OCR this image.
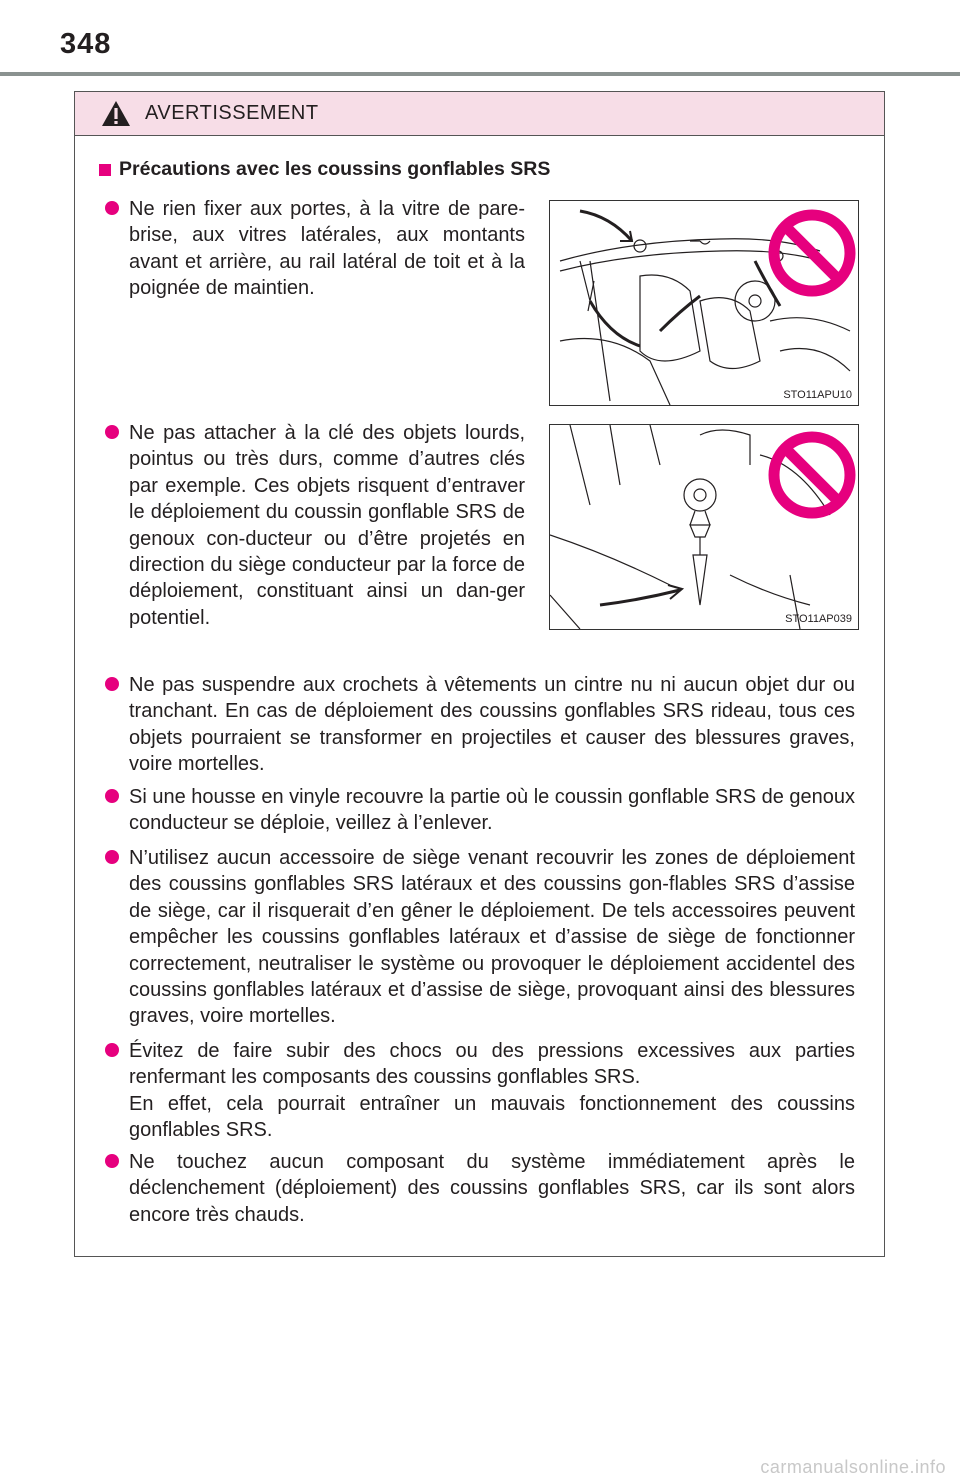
348
AVERTISSEMENT
Précautions avec les coussins gonflables SRS

Ne rien fixer aux portes, à la vitre de pare-brise, aux vitres latérales, aux montants avant et arrière, au rail latéral de toit et à la poignée de maintien.

STO11APU10

Ne pas attacher à la clé des objets lourds, pointus ou très durs, comme d’autres clés par exemple. Ces objets risquent d’entraver le déploiement du coussin gonflable SRS de genoux con-ducteur ou d’être projetés en direction du siège conducteur par la force de déploiement, constituant ainsi un dan-ger potentiel.	STO11AP039

Ne pas suspendre aux crochets à vêtements un cintre nu ni aucun objet dur ou tranchant. En cas de déploiement des coussins gonflables SRS rideau, tous ces objets pourraient se transformer en projectiles et causer des blessures graves, voire mortelles.

Si une housse en vinyle recouvre la partie où le coussin gonflable SRS de genoux conducteur se déploie, veillez à l’enlever.

N’utilisez aucun accessoire de siège venant recouvrir les zones de déploiement des coussins gonflables SRS latéraux et des coussins gon-flables SRS d’assise de siège, car il risquerait d’en gêner le déploiement. De tels accessoires peuvent empêcher les coussins gonflables latéraux et d’assise de siège de fonctionner correctement, neutraliser le système ou provoquer le déploiement accidentel des coussins gonflables latéraux et d’assise de siège, provoquant ainsi des blessures graves, voire mortelles.

Évitez de faire subir des chocs ou des pressions excessives aux parties renfermant les composants des coussins gonflables SRS.

En effet, cela pourrait entraîner un mauvais fonctionnement des coussins gonflables SRS.

Ne touchez aucun composant du système immédiatement après le déclenchement (déploiement) des coussins gonflables SRS, car ils sont alors encore très chauds.

carmanualsonline.info
